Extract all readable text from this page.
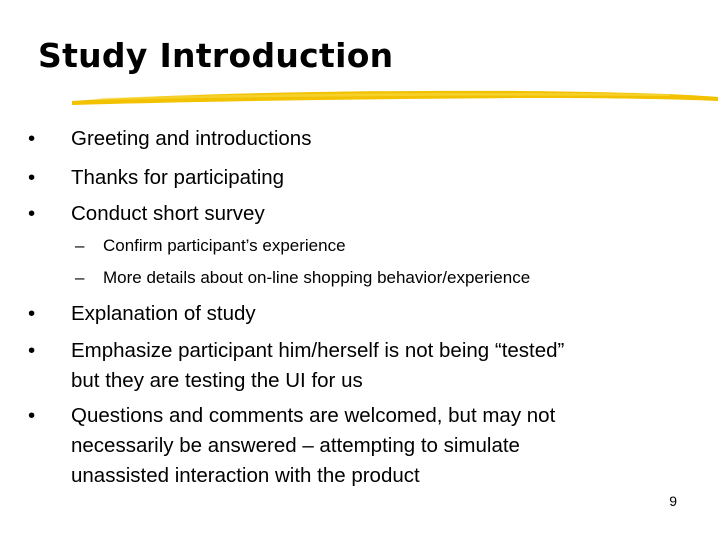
Study Introduction
• Greeting and introductions
• Thanks for participating
• Conduct short survey
– Confirm participant’s experience
– More details about on-line shopping behavior/experience
• Explanation of study
• Emphasize participant him/herself is not being “tested”
but they are testing the UI for us
• Questions and comments are welcomed, but may not
necessarily be answered – attempting to simulate
unassisted interaction with the product
9
